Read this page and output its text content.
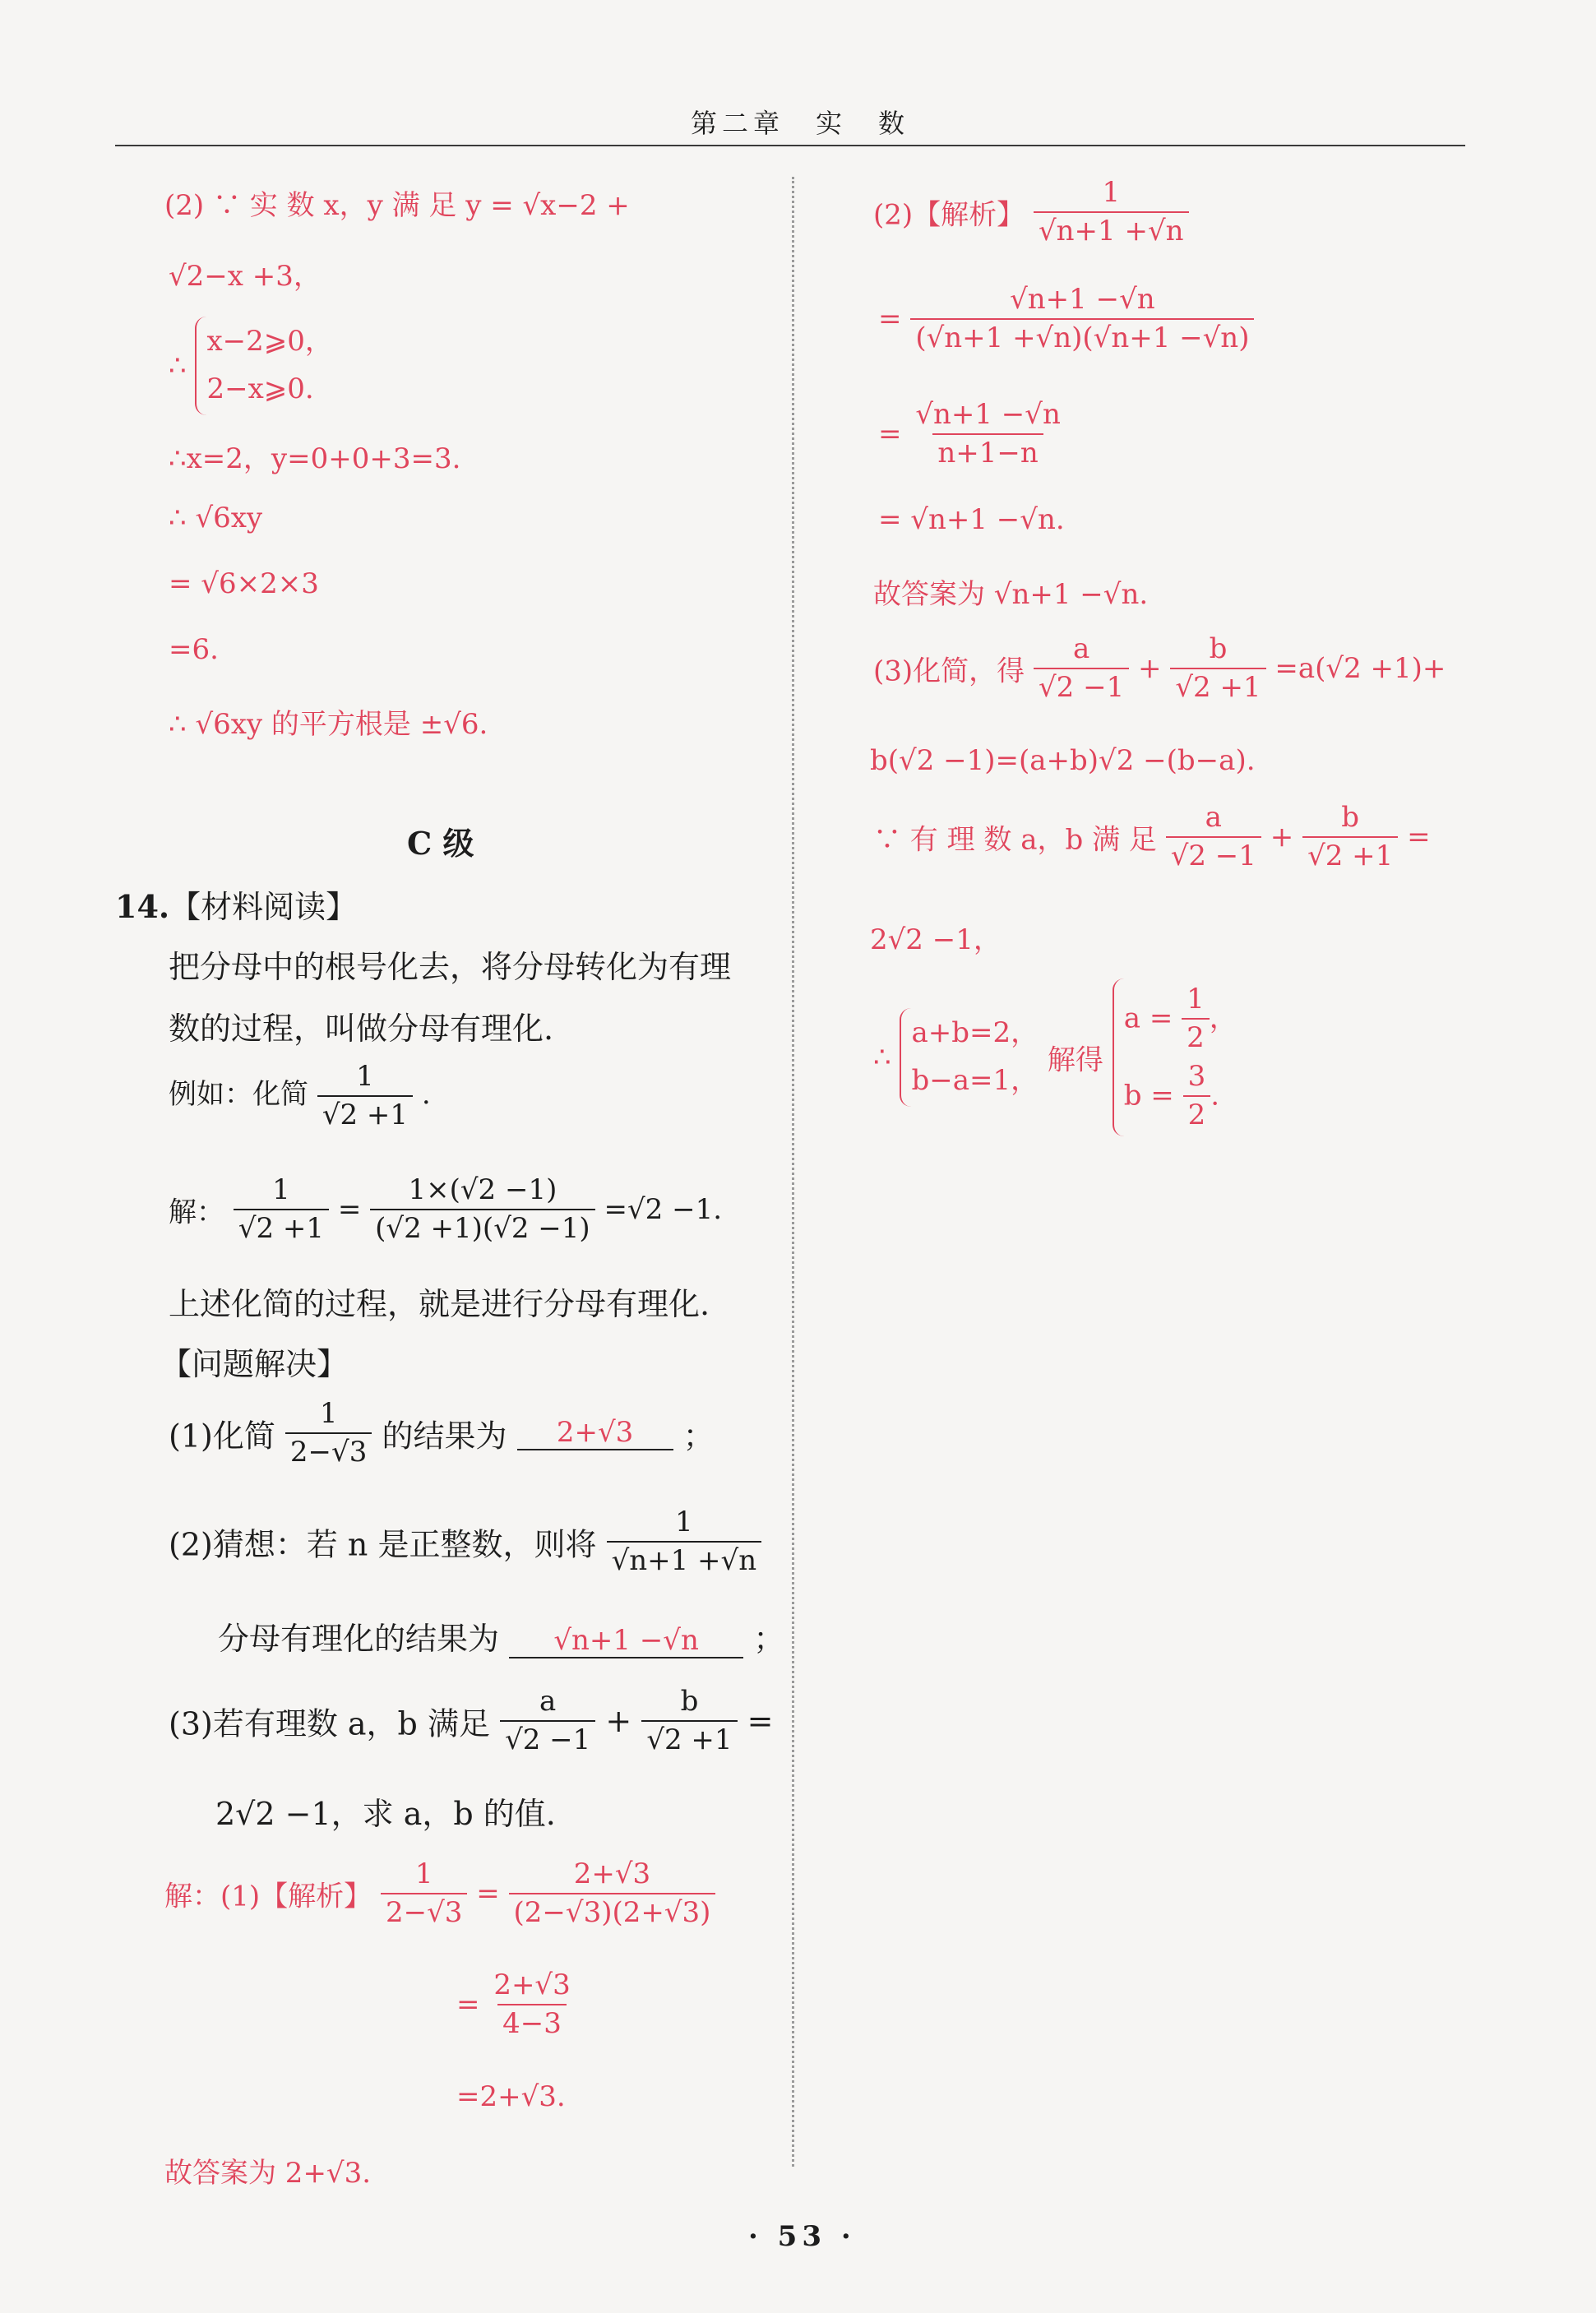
第二章　实　数
(2) ∵ 实 数 x，y 满 足 y = √x−2 +
√2−x +3，
∴
x−2⩾0，
2−x⩾0.
∴x=2，y=0+0+3=3.
∴ √6xy
= √6×2×3
=6.
∴ √6xy 的平方根是 ±√6.
C 级
14.【材料阅读】
把分母中的根号化去，将分母转化为有理
数的过程，叫做分母有理化.
例如：化简 $\frac{1}{√2 +1}$ .
解： $\frac{1}{√2 +1} = \frac{1\times(√2 -1)}{(√2 +1)(√2 -1)} =√2 -1$.
上述化简的过程，就是进行分母有理化.
【问题解决】
(1)化简 $\frac{1}{2-√3}$ 的结果为 2+√3 ；
(2)猜想：若 n 是正整数，则将 $\frac{1}{√n+1 +√n}$
分母有理化的结果为 √n+1 −√n ；
(3)若有理数 a，b 满足 $\frac{a}{√2 -1} + \frac{b}{√2 +1}$ =
2√2 −1，求 a，b 的值.
解：(1)【解析】 $\frac{1}{2-√3} = \frac{2+√3}{(2-√3)(2+√3)}$
= $\frac{2+√3}{4-3}$
=2+√3.
故答案为 2+√3.
(2)【解析】 $\frac{1}{√n+1 +√n}$
= $\frac{√n+1 -√n}{(√n+1 +√n)(√n+1 -√n)}$
= $\frac{√n+1 -√n}{n+1-n}$
= √n+1 −√n.
故答案为 √n+1 −√n.
(3)化简，得 $\frac{a}{√2 -1} + \frac{b}{√2 +1} =a(√2 +1)+$
b(√2 −1)=(a+b)√2 −(b−a).
∵ 有 理 数 a，b 满 足 $\frac{a}{√2 -1} + \frac{b}{√2 +1}$ =
2√2 −1，
∴
a+b=2，
b−a=1，
解得
$a = \frac{1}{2}$ ，
$b = \frac{3}{2}$ .
· 53 ·
